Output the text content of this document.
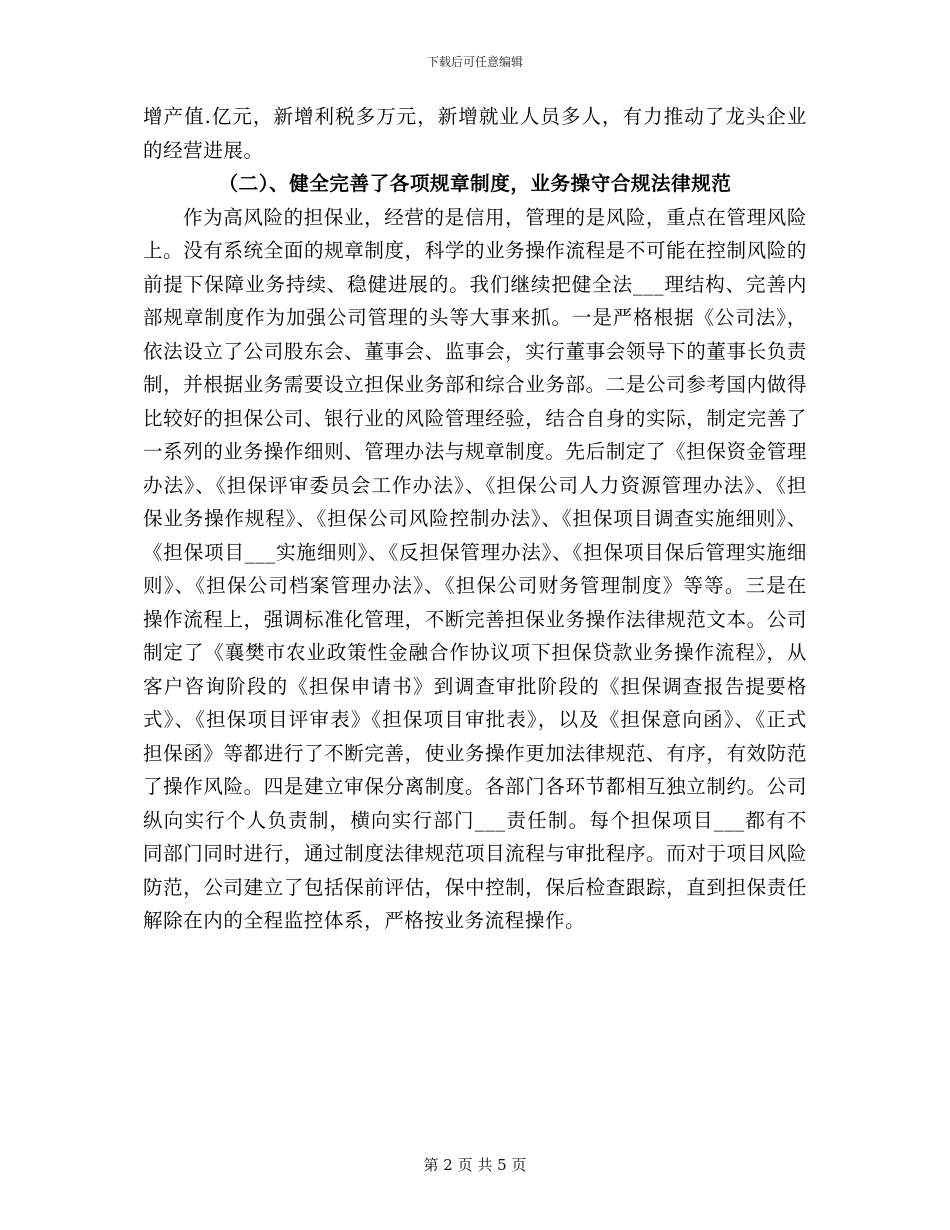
下载后可任意编辑

增产值.亿元，新增利税多万元，新增就业人员多人，有力推动了龙头企业的经营进展。

（二）、健全完善了各项规章制度，业务操守合规法律规范

作为高风险的担保业，经营的是信用，管理的是风险，重点在管理风险上。没有系统全面的规章制度，科学的业务操作流程是不可能在控制风险的前提下保障业务持续、稳健进展的。我们继续把健全法___理结构、完善内部规章制度作为加强公司管理的头等大事来抓。一是严格根据《公司法》，依法设立了公司股东会、董事会、监事会，实行董事会领导下的董事长负责制，并根据业务需要设立担保业务部和综合业务部。二是公司参考国内做得比较好的担保公司、银行业的风险管理经验，结合自身的实际，制定完善了一系列的业务操作细则、管理办法与规章制度。先后制定了《担保资金管理办法》、《担保评审委员会工作办法》、《担保公司人力资源管理办法》、《担保业务操作规程》、《担保公司风险控制办法》、《担保项目调查实施细则》、《担保项目___实施细则》、《反担保管理办法》、《担保项目保后管理实施细则》、《担保公司档案管理办法》、《担保公司财务管理制度》等等。三是在操作流程上，强调标准化管理，不断完善担保业务操作法律规范文本。公司制定了《襄樊市农业政策性金融合作协议项下担保贷款业务操作流程》，从客户咨询阶段的《担保申请书》到调查审批阶段的《担保调查报告提要格式》、《担保项目评审表》《担保项目审批表》，以及《担保意向函》、《正式担保函》等都进行了不断完善，使业务操作更加法律规范、有序，有效防范了操作风险。四是建立审保分离制度。各部门各环节都相互独立制约。公司纵向实行个人负责制，横向实行部门___责任制。每个担保项目___都有不同部门同时进行，通过制度法律规范项目流程与审批程序。而对于项目风险防范，公司建立了包括保前评估，保中控制，保后检查跟踪，直到担保责任解除在内的全程监控体系，严格按业务流程操作。

第 2 页 共 5 页
